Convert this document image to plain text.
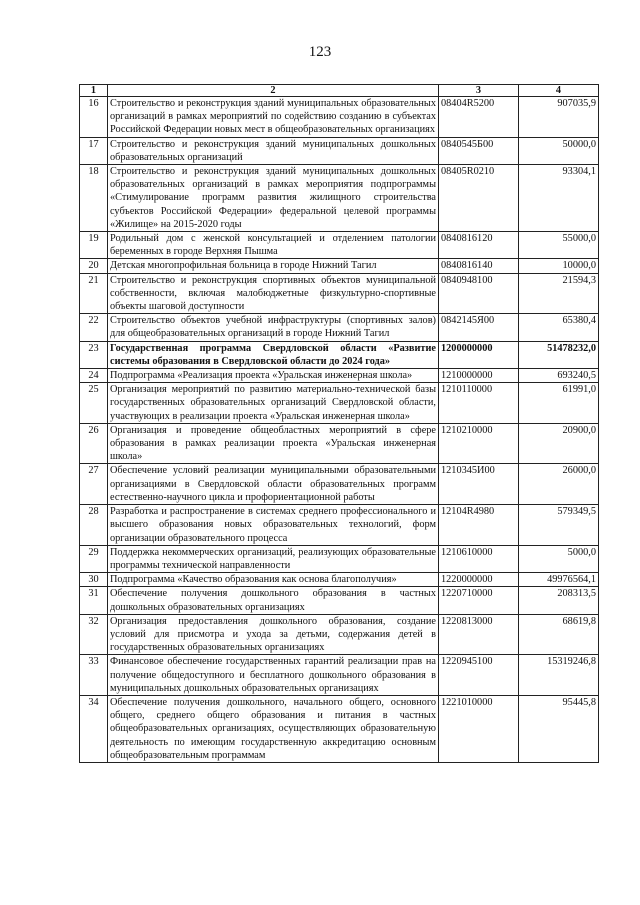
123
1	2	3	4
16	Строительство и реконструкция зданий муниципальных образовательных организаций в рамках мероприятий по содействию созданию в субъектах Российской Федерации новых мест в общеобразовательных организациях	08404R5200	907035,9
17	Строительство и реконструкция зданий муниципальных дошкольных образовательных организаций	0840545Б00	50000,0
18	Строительство и реконструкция зданий муниципальных дошкольных образовательных организаций в рамках мероприятия подпрограммы «Стимулирование программ развития жилищного строительства субъектов Российской Федерации» федеральной целевой программы «Жилище» на 2015-2020 годы	08405R0210	93304,1
19	Родильный дом с женской консультацией и отделением патологии беременных в городе Верхняя Пышма	0840816120	55000,0
20	Детская многопрофильная больница в городе Нижний Тагил	0840816140	10000,0
21	Строительство и реконструкция спортивных объектов муниципальной собственности, включая малобюджетные физкультурно-спортивные объекты шаговой доступности	0840948100	21594,3
22	Строительство объектов учебной инфраструктуры (спортивных залов) для общеобразовательных организаций в городе Нижний Тагил	0842145Я00	65380,4
23	Государственная программа Свердловской области «Развитие системы образования в Свердловской области до 2024 года»	1200000000	51478232,0
24	Подпрограмма «Реализация проекта «Уральская инженерная школа»	1210000000	693240,5
25	Организация мероприятий по развитию материально-технической базы государственных образовательных организаций Свердловской области, участвующих в реализации проекта «Уральская инженерная школа»	1210110000	61991,0
26	Организация и проведение общеобластных мероприятий в сфере образования в рамках реализации проекта «Уральская инженерная школа»	1210210000	20900,0
27	Обеспечение условий реализации муниципальными образовательными организациями в Свердловской области образовательных программ естественно-научного цикла и профориентационной работы	1210345И00	26000,0
28	Разработка и распространение в системах среднего профессионального и высшего образования новых образовательных технологий, форм организации образовательного процесса	12104R4980	579349,5
29	Поддержка некоммерческих организаций, реализующих образовательные программы технической направленности	1210610000	5000,0
30	Подпрограмма «Качество образования как основа благополучия»	1220000000	49976564,1
31	Обеспечение получения дошкольного образования в частных дошкольных образовательных организациях	1220710000	208313,5
32	Организация предоставления дошкольного образования, создание условий для присмотра и ухода за детьми, содержания детей в государственных образовательных организациях	1220813000	68619,8
33	Финансовое обеспечение государственных гарантий реализации прав на получение общедоступного и бесплатного дошкольного образования в муниципальных дошкольных образовательных организациях	1220945100	15319246,8
34	Обеспечение получения дошкольного, начального общего, основного общего, среднего общего образования и питания в частных общеобразовательных организациях, осуществляющих образовательную деятельность по имеющим государственную аккредитацию основным общеобразовательным программам	1221010000	95445,8
